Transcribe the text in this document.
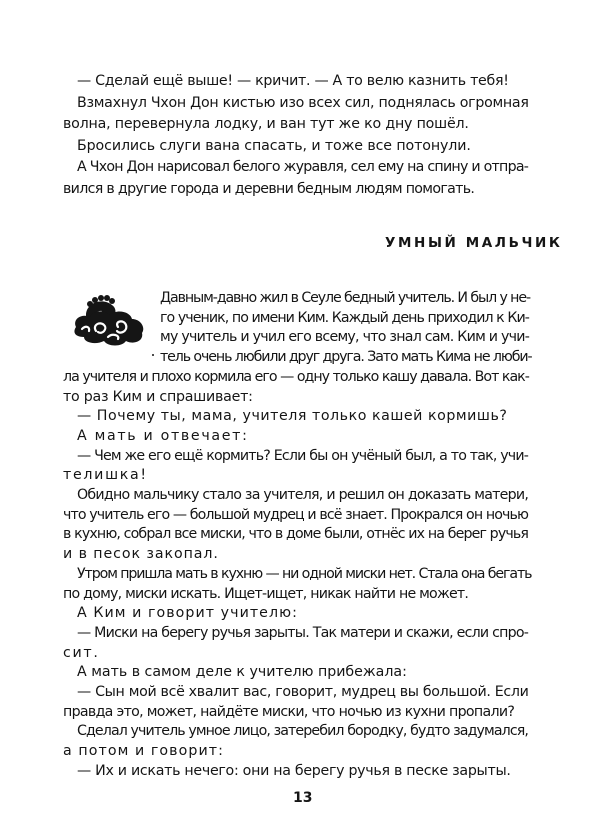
— Сделай ещё выше! — кричит. — А то велю казнить тебя!
Взмахнул Чхон Дон кистью изо всех сил, поднялась огромная
волна, перевернула лодку, и ван тут же ко дну пошёл.
Бросились слуги вана спасать, и тоже все потонули.
А Чхон Дон нарисовал белого журавля, сел ему на спину и отпра-
вился в другие города и деревни бедным людям помогать.
УМНЫЙ МАЛЬЧИК
Давным-давно жил в Сеуле бедный учитель. И был у не-
го ученик, по имени Ким. Каждый день приходил к Ки-
му учитель и учил его всему, что знал сам. Ким и учи-
тель очень любили друг друга. Зато мать Кима не люби-
ла учителя и плохо кормила его — одну только кашу давала. Вот как-
то раз Ким и спрашивает:
— Почему ты, мама, учителя только кашей кормишь?
А мать и отвечает:
— Чем же его ещё кормить? Если бы он учёный был, а то так, учи-
телишка!
Обидно мальчику стало за учителя, и решил он доказать матери,
что учитель его — большой мудрец и всё знает. Прокрался он ночью
в кухню, собрал все миски, что в доме были, отнёс их на берег ручья
и в песок закопал.
Утром пришла мать в кухню — ни одной миски нет. Стала она бегать
по дому, миски искать. Ищет-ищет, никак найти не может.
А Ким и говорит учителю:
— Миски на берегу ручья зарыты. Так матери и скажи, если спро-
сит.
А мать в самом деле к учителю прибежала:
— Сын мой всё хвалит вас, говорит, мудрец вы большой. Если
правда это, может, найдёте миски, что ночью из кухни пропали?
Сделал учитель умное лицо, затеребил бородку, будто задумался,
а потом и говорит:
— Их и искать нечего: они на берегу ручья в песке зарыты.
13
